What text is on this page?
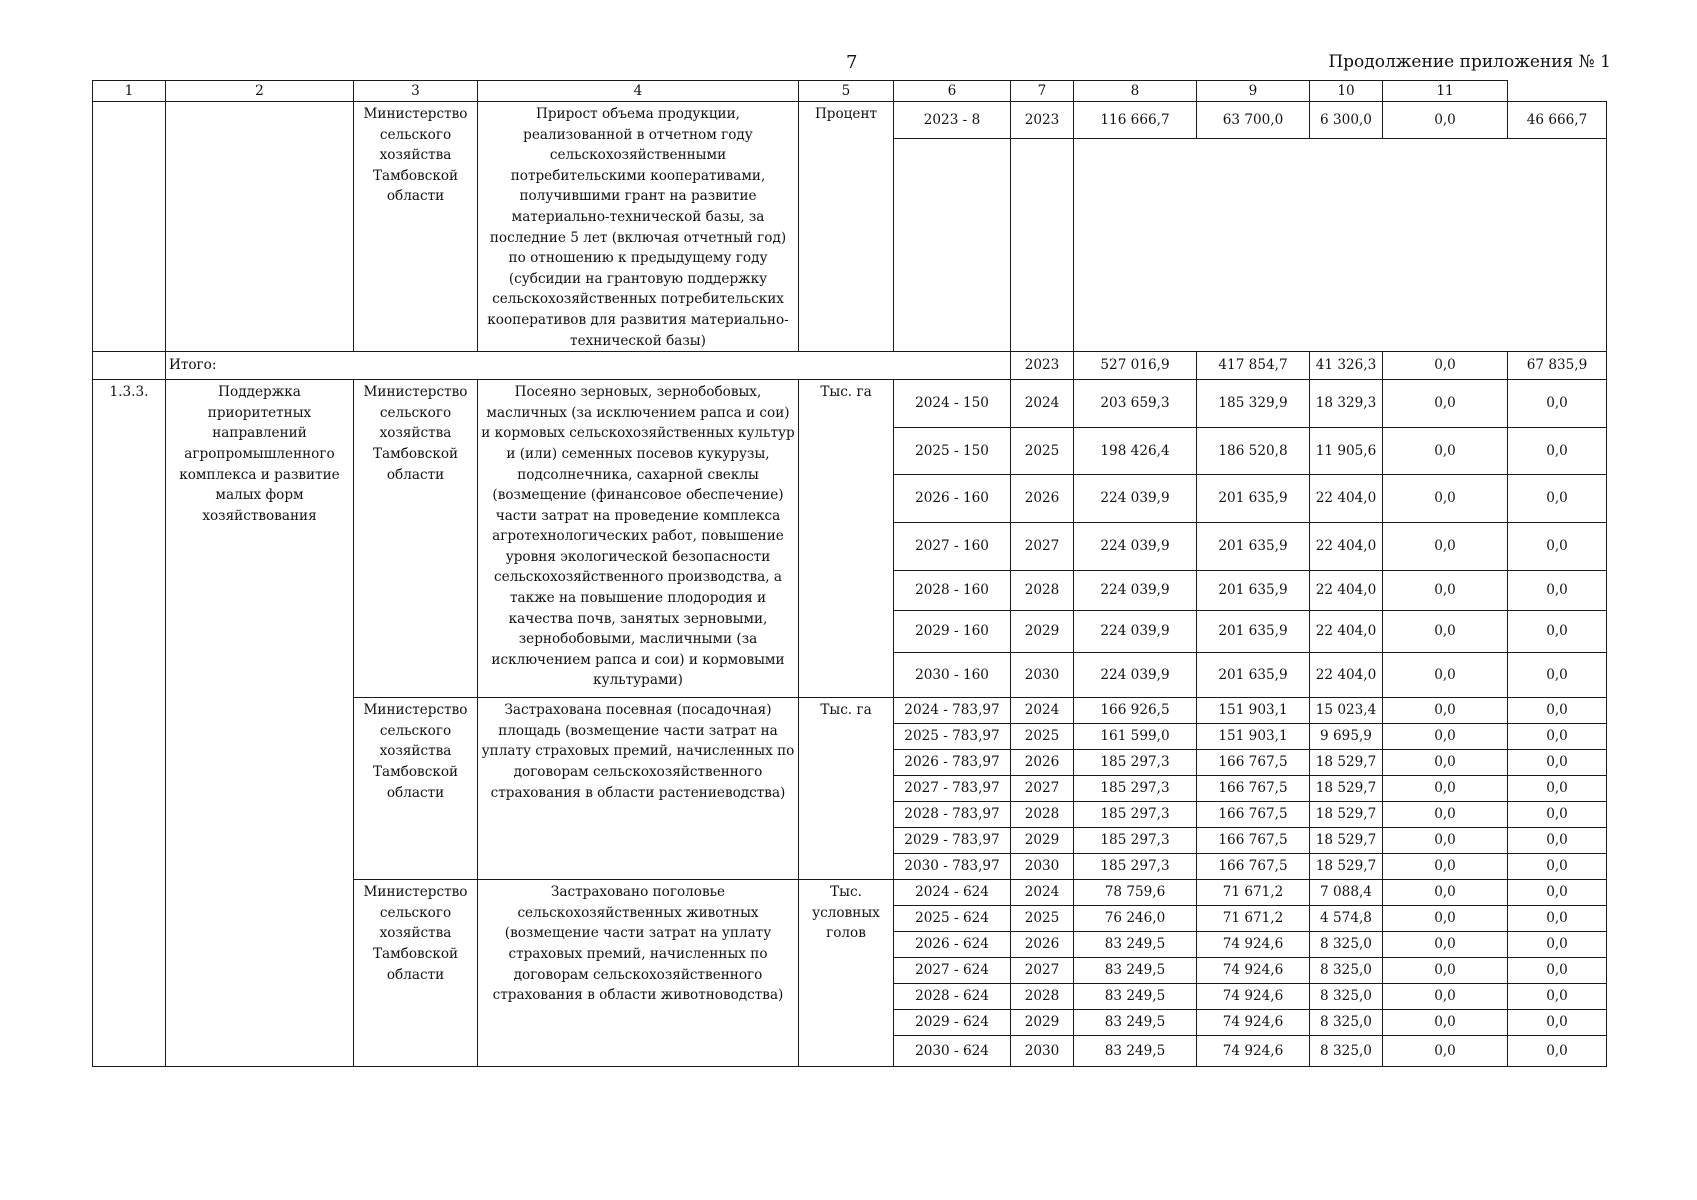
7	Продолжение приложения № 1
1	2	3	4	5	6	7	8	9	10	11	
		Министерство сельского хозяйства Тамбовской области	Прирост объема продукции, реализованной в отчетном году сельскохозяйственными потребительскими кооперативами, получившими грант на развитие материально-технической базы, за последние 5 лет (включая отчетный год) по отношению к предыдущему году (субсидии на грантовую поддержку сельскохозяйственных потребительских кооперативов для развития материально-технической базы)	Процент	2023 - 8	2023	116 666,7	63 700,0	6 300,0	0,0	46 666,7

	Итого:					2023	527 016,9	417 854,7	41 326,3	0,0	67 835,9
1.3.3.	Поддержка приоритетных направлений агропромышленного комплекса и развитие малых форм хозяйствования	Министерство сельского хозяйства Тамбовской области	Посеяно зерновых, зернобобовых, масличных (за исключением рапса и сои) и кормовых сельскохозяйственных культур и (или) семенных посевов кукурузы, подсолнечника, сахарной свеклы (возмещение (финансовое обеспечение) части затрат на проведение комплекса агротехнологических работ, повышение уровня экологической безопасности сельскохозяйственного производства, а также на повышение плодородия и качества почв, занятых зерновыми, зернобобовыми, масличными (за исключением рапса и сои) и кормовыми культурами)	Тыс. га	2024 - 150	2024	203 659,3	185 329,9	18 329,3	0,0	0,0
					2025 - 150	2025	198 426,4	186 520,8	11 905,6	0,0	0,0
					2026 - 160	2026	224 039,9	201 635,9	22 404,0	0,0	0,0
					2027 - 160	2027	224 039,9	201 635,9	22 404,0	0,0	0,0
					2028 - 160	2028	224 039,9	201 635,9	22 404,0	0,0	0,0
					2029 - 160	2029	224 039,9	201 635,9	22 404,0	0,0	0,0
					2030 - 160	2030	224 039,9	201 635,9	22 404,0	0,0	0,0
		Министерство сельского хозяйства Тамбовской области	Застрахована посевная (посадочная) площадь (возмещение части затрат на уплату страховых премий, начисленных по договорам сельскохозяйственного страхования в области растениеводства)	Тыс. га	2024 - 783,97	2024	166 926,5	151 903,1	15 023,4	0,0	0,0
					2025 - 783,97	2025	161 599,0	151 903,1	9 695,9	0,0	0,0
					2026 - 783,97	2026	185 297,3	166 767,5	18 529,7	0,0	0,0
					2027 - 783,97	2027	185 297,3	166 767,5	18 529,7	0,0	0,0
					2028 - 783,97	2028	185 297,3	166 767,5	18 529,7	0,0	0,0
					2029 - 783,97	2029	185 297,3	166 767,5	18 529,7	0,0	0,0
					2030 - 783,97	2030	185 297,3	166 767,5	18 529,7	0,0	0,0
		Министерство сельского хозяйства Тамбовской области	Застраховано поголовье сельскохозяйственных животных (возмещение части затрат на уплату страховых премий, начисленных по договорам сельскохозяйственного страхования в области животноводства)	Тыс. условных голов	2024 - 624	2024	78 759,6	71 671,2	7 088,4	0,0	0,0
					2025 - 624	2025	76 246,0	71 671,2	4 574,8	0,0	0,0
					2026 - 624	2026	83 249,5	74 924,6	8 325,0	0,0	0,0
					2027 - 624	2027	83 249,5	74 924,6	8 325,0	0,0	0,0
					2028 - 624	2028	83 249,5	74 924,6	8 325,0	0,0	0,0
					2029 - 624	2029	83 249,5	74 924,6	8 325,0	0,0	0,0
					2030 - 624	2030	83 249,5	74 924,6	8 325,0	0,0	0,0
